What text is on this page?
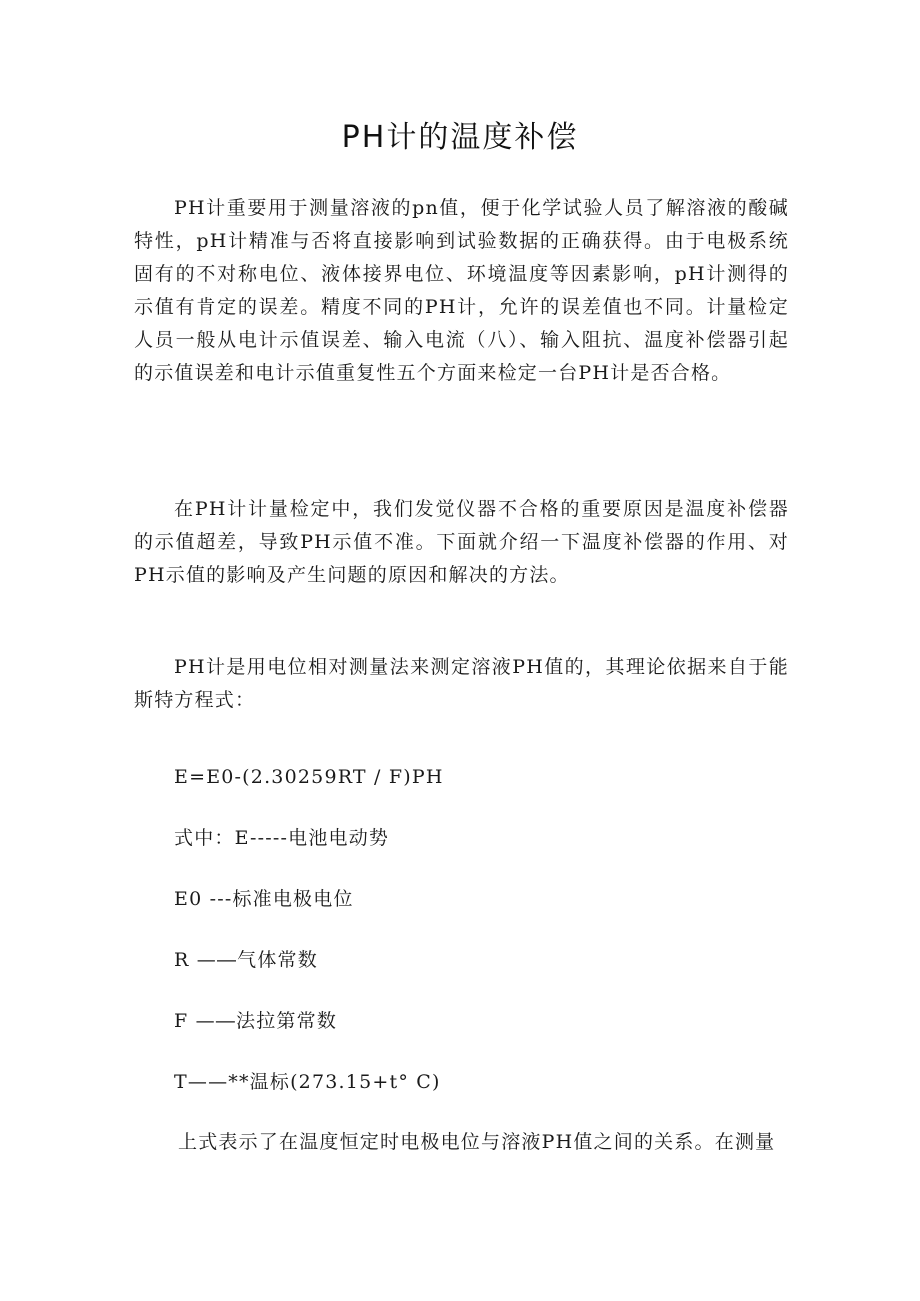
PH计的温度补偿

PH计重要用于测量溶液的pn值，便于化学试验人员了解溶液的酸碱特性，pH计精准与否将直接影响到试验数据的正确获得。由于电极系统固有的不对称电位、液体接界电位、环境温度等因素影响，pH计测得的示值有肯定的误差。精度不同的PH计，允许的误差值也不同。计量检定人员一般从电计示值误差、输入电流（八）、输入阻抗、温度补偿器引起的示值误差和电计示值重复性五个方面来检定一台PH计是否合格。

在PH计计量检定中，我们发觉仪器不合格的重要原因是温度补偿器的示值超差，导致PH示值不准。下面就介绍一下温度补偿器的作用、对PH示值的影响及产生问题的原因和解决的方法。

PH计是用电位相对测量法来测定溶液PH值的，其理论依据来自于能斯特方程式：

E=E0-(2.30259RT / F)PH

式中：E-----电池电动势

E0 ---标准电极电位

R —―气体常数

F —―法拉第常数

T——**温标(273.15+t° C)

上式表示了在温度恒定时电极电位与溶液PH值之间的关系。在测量
